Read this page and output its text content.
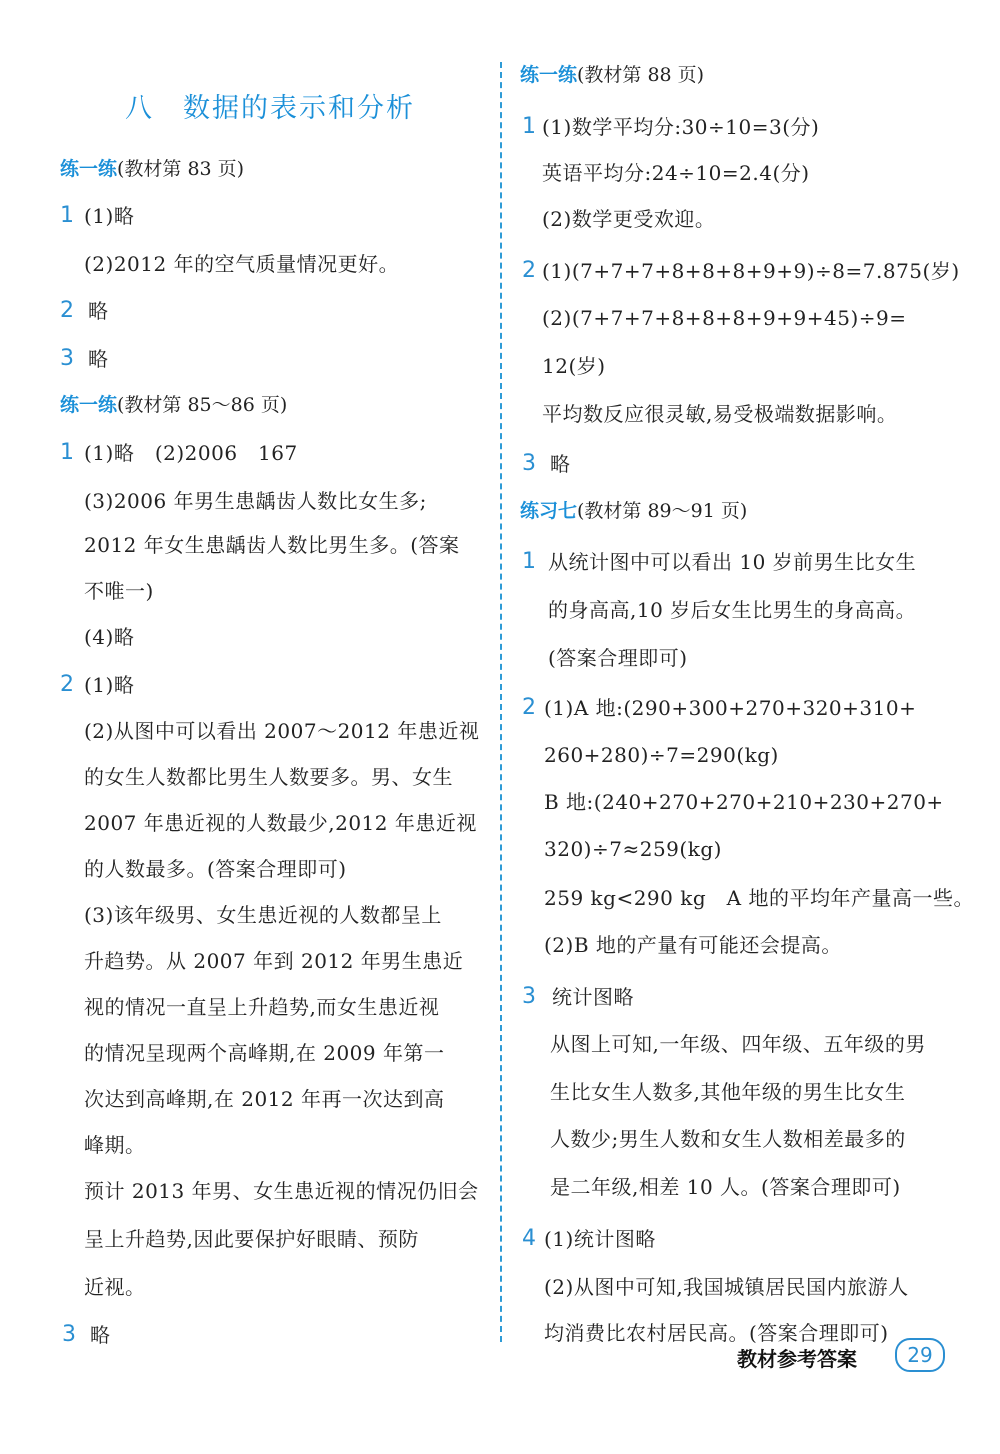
八　数据的表示和分析
练一练(教材第 83 页)
1 (1)略
(2)2012 年的空气质量情况更好。
2 略
3 略
练一练(教材第 85～86 页)
1 (1)略　(2)2006　167
(3)2006 年男生患龋齿人数比女生多;
2012 年女生患龋齿人数比男生多。(答案
不唯一)
(4)略
2 (1)略
(2)从图中可以看出 2007～2012 年患近视
的女生人数都比男生人数要多。男、女生
2007 年患近视的人数最少,2012 年患近视
的人数最多。(答案合理即可)
(3)该年级男、女生患近视的人数都呈上
升趋势。从 2007 年到 2012 年男生患近
视的情况一直呈上升趋势,而女生患近视
的情况呈现两个高峰期,在 2009 年第一
次达到高峰期,在 2012 年再一次达到高
峰期。
预计 2013 年男、女生患近视的情况仍旧会
呈上升趋势,因此要保护好眼睛、预防
近视。
3 略
练一练(教材第 88 页)
1 (1)数学平均分:30÷10=3(分)
英语平均分:24÷10=2.4(分)
(2)数学更受欢迎。
2 (1)(7+7+7+8+8+8+9+9)÷8=7.875(岁)
(2)(7+7+7+8+8+8+9+9+45)÷9=
12(岁)
平均数反应很灵敏,易受极端数据影响。
3 略
练习七(教材第 89～91 页)
1 从统计图中可以看出 10 岁前男生比女生
的身高高,10 岁后女生比男生的身高高。
(答案合理即可)
2 (1)A 地:(290+300+270+320+310+
260+280)÷7=290(kg)
B 地:(240+270+270+210+230+270+
320)÷7≈259(kg)
259 kg<290 kg　A 地的平均年产量高一些。
(2)B 地的产量有可能还会提高。
3 统计图略
从图上可知,一年级、四年级、五年级的男
生比女生人数多,其他年级的男生比女生
人数少;男生人数和女生人数相差最多的
是二年级,相差 10 人。(答案合理即可)
4 (1)统计图略
(2)从图中可知,我国城镇居民国内旅游人
均消费比农村居民高。(答案合理即可)
教材参考答案	29
